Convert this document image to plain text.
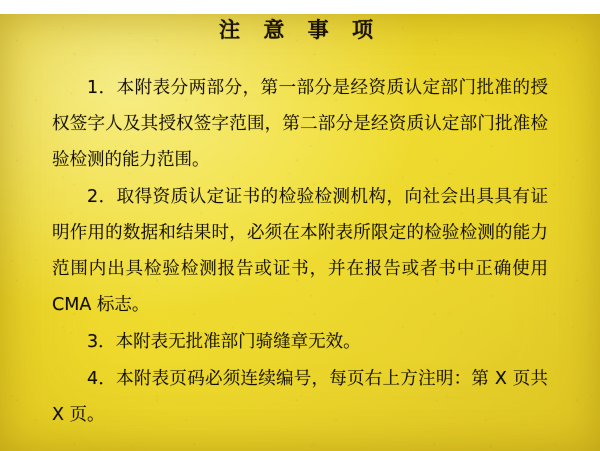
注 意 事 项

1．本附表分两部分，第一部分是经资质认定部门批准的授权签字人及其授权签字范围，第二部分是经资质认定部门批准检验检测的能力范围。

2．取得资质认定证书的检验检测机构，向社会出具具有证明作用的数据和结果时，必须在本附表所限定的检验检测的能力范围内出具检验检测报告或证书，并在报告或者书中正确使用 CMA 标志。

3．本附表无批准部门骑缝章无效。

4．本附表页码必须连续编号，每页右上方注明：第 X 页共 X 页。
